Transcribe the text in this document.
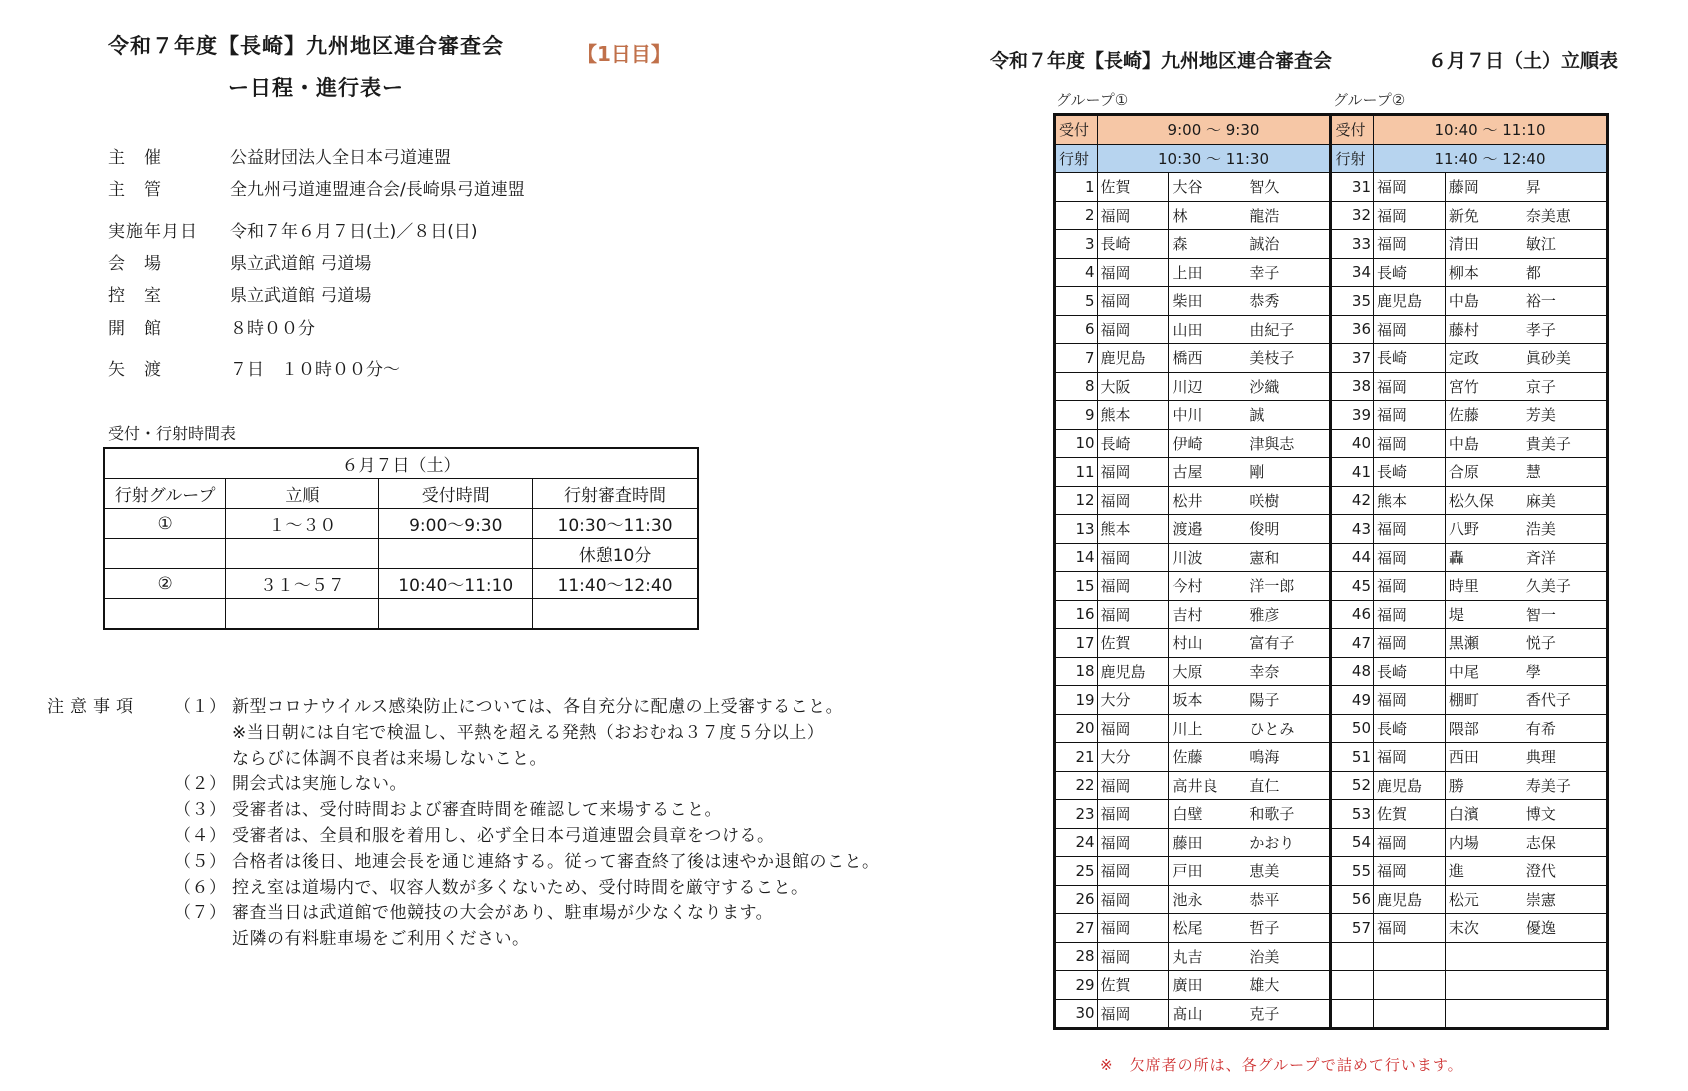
令和７年度【長崎】九州地区連合審査会	【1日目】
ー日程・進行表ー
主　催	公益財団法人全日本弓道連盟
主　管	全九州弓道連盟連合会/長崎県弓道連盟
実施年月日 令和７年６月７日(土)／８日(日)
会　場	県立武道館 弓道場
控　室	県立武道館 弓道場
開　館	８時００分
矢　渡	７日　１０時００分～
受付・行射時間表
６月７日（土）			
行射グループ	立順	受付時間	行射審査時間
①	１～３０	9:00～9:30	10:30～11:30
			休憩10分
②	３１～５７	10:40～11:10	11:40～12:40

注意事項 （１） 新型コロナウイルス感染防止については、各自充分に配慮の上受審すること。
※当日朝には自宅で検温し、平熱を超える発熱（おおむね３７度５分以上）
ならびに体調不良者は来場しないこと。
（２） 開会式は実施しない。
（３） 受審者は、受付時間および審査時間を確認して来場すること。
（４） 受審者は、全員和服を着用し、必ず全日本弓道連盟会員章をつける。
（５） 合格者は後日、地連会長を通じ連絡する。従って審査終了後は速やか退館のこと。
（６） 控え室は道場内で、収容人数が多くないため、受付時間を厳守すること。
（７） 審査当日は武道館で他競技の大会があり、駐車場が少なくなります。
近隣の有料駐車場をご利用ください。
令和７年度【長崎】九州地区連合審査会	６月７日（土）立順表
グループ①	グループ②
受付	9:00 ～ 9:30			受付	10:40 ～ 11:10		
行射	10:30 ～ 11:30			行射	11:40 ～ 12:40		
1	佐賀	大谷	智久	31	福岡	藤岡	昇
2	福岡	林	龍浩	32	福岡	新免	奈美恵
3	長崎	森	誠治	33	福岡	清田	敏江
4	福岡	上田	幸子	34	長崎	柳本	都
5	福岡	柴田	恭秀	35	鹿児島	中島	裕一
6	福岡	山田	由紀子	36	福岡	藤村	孝子
7	鹿児島	橋西	美枝子	37	長崎	定政	眞砂美
8	大阪	川辺	沙織	38	福岡	宮竹	京子
9	熊本	中川	誠	39	福岡	佐藤	芳美
10	長崎	伊崎	津與志	40	福岡	中島	貴美子
11	福岡	古屋	剛	41	長崎	合原	慧
12	福岡	松井	咲樹	42	熊本	松久保	麻美
13	熊本	渡邉	俊明	43	福岡	八野	浩美
14	福岡	川波	憲和	44	福岡	轟	斉洋
15	福岡	今村	洋一郎	45	福岡	時里	久美子
16	福岡	吉村	雅彦	46	福岡	堤	智一
17	佐賀	村山	富有子	47	福岡	黒瀬	悦子
18	鹿児島	大原	幸奈	48	長崎	中尾	學
19	大分	坂本	陽子	49	福岡	棚町	香代子
20	福岡	川上	ひとみ	50	長崎	隈部	有希
21	大分	佐藤	鳴海	51	福岡	西田	典理
22	福岡	高井良	直仁	52	鹿児島	勝	寿美子
23	福岡	白壁	和歌子	53	佐賀	白濱	博文
24	福岡	藤田	かおり	54	福岡	内場	志保
25	福岡	戸田	恵美	55	福岡	進	澄代
26	福岡	池永	恭平	56	鹿児島	松元	崇憲
27	福岡	松尾	哲子	57	福岡	末次	優逸
28	福岡	丸吉	治美				
29	佐賀	廣田	雄大				
30	福岡	髙山	克子				
※　欠席者の所は、各グループで詰めて行います。
